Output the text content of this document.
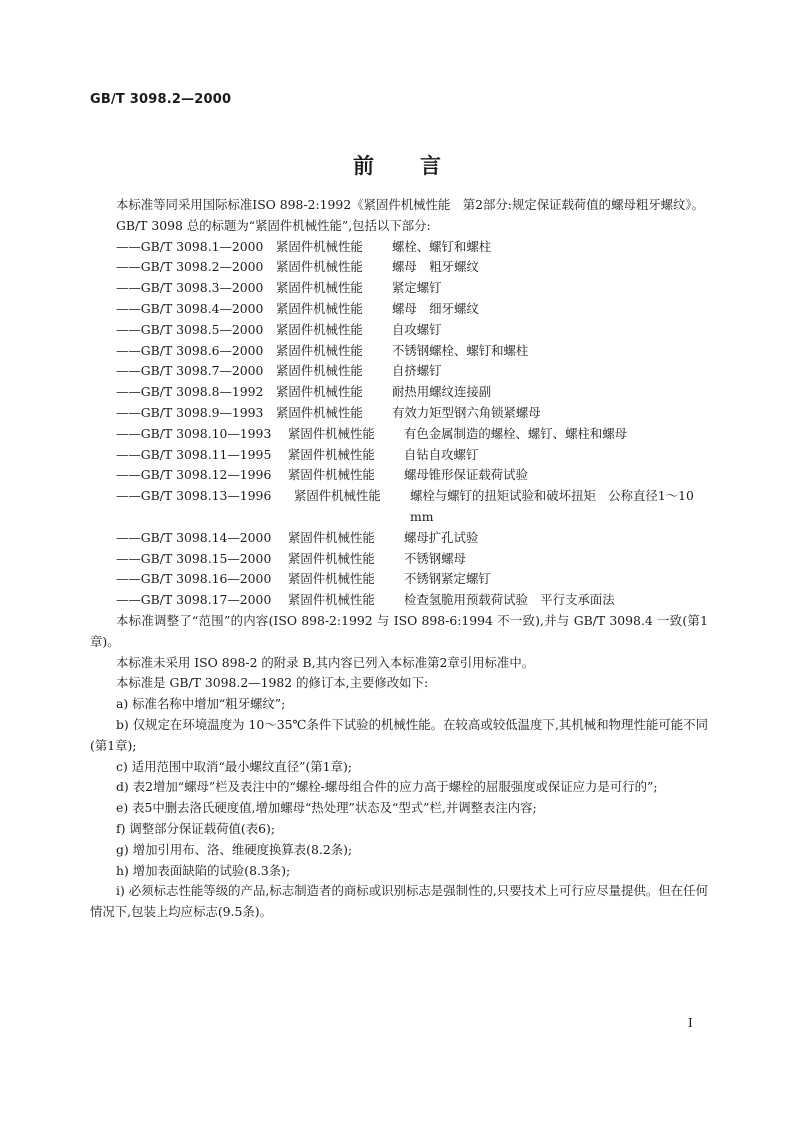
GB/T 3098.2—2000
前 言

本标准等同采用国际标准ISO 898-2:1992《紧固件机械性能　第2部分:规定保证载荷值的螺母粗牙螺纹》。

GB/T 3098 总的标题为“紧固件机械性能”,包括以下部分:

——GB/T 3098.1—2000	紧固件机械性能	螺栓、螺钉和螺柱
——GB/T 3098.2—2000	紧固件机械性能	螺母　粗牙螺纹
——GB/T 3098.3—2000	紧固件机械性能	紧定螺钉
——GB/T 3098.4—2000	紧固件机械性能	螺母　细牙螺纹
——GB/T 3098.5—2000	紧固件机械性能	自攻螺钉
——GB/T 3098.6—2000	紧固件机械性能	不锈钢螺栓、螺钉和螺柱
——GB/T 3098.7—2000	紧固件机械性能	自挤螺钉
——GB/T 3098.8—1992	紧固件机械性能	耐热用螺纹连接副
——GB/T 3098.9—1993	紧固件机械性能	有效力矩型钢六角锁紧螺母
——GB/T 3098.10—1993	紧固件机械性能	有色金属制造的螺栓、螺钉、螺柱和螺母
——GB/T 3098.11—1995	紧固件机械性能	自钻自攻螺钉
——GB/T 3098.12—1996	紧固件机械性能	螺母锥形保证载荷试验
——GB/T 3098.13—1996	紧固件机械性能	螺栓与螺钉的扭矩试验和破坏扭矩　公称直径1～10 mm
——GB/T 3098.14—2000	紧固件机械性能	螺母扩孔试验
——GB/T 3098.15—2000	紧固件机械性能	不锈钢螺母
——GB/T 3098.16—2000	紧固件机械性能	不锈钢紧定螺钉
——GB/T 3098.17—2000	紧固件机械性能	检查氢脆用预载荷试验　平行支承面法

本标准调整了“范围”的内容(ISO 898-2:1992 与 ISO 898-6:1994 不一致),并与 GB/T 3098.4 一致(第1章)。

本标准未采用 ISO 898-2 的附录 B,其内容已列入本标准第2章引用标准中。

本标准是 GB/T 3098.2—1982 的修订本,主要修改如下:

a) 标准名称中增加“粗牙螺纹”;

b) 仅规定在环境温度为 10～35℃条件下试验的机械性能。在较高或较低温度下,其机械和物理性能可能不同(第1章);

c) 适用范围中取消“最小螺纹直径”(第1章);

d) 表2增加“螺母”栏及表注中的“螺栓-螺母组合件的应力高于螺栓的屈服强度或保证应力是可行的”;

e) 表5中删去洛氏硬度值,增加螺母“热处理”状态及“型式”栏,并调整表注内容;

f) 调整部分保证载荷值(表6);

g) 增加引用布、洛、维硬度换算表(8.2条);

h) 增加表面缺陷的试验(8.3条);

i) 必须标志性能等级的产品,标志制造者的商标或识别标志是强制性的,只要技术上可行应尽量提供。但在任何情况下,包装上均应标志(9.5条)。

I
